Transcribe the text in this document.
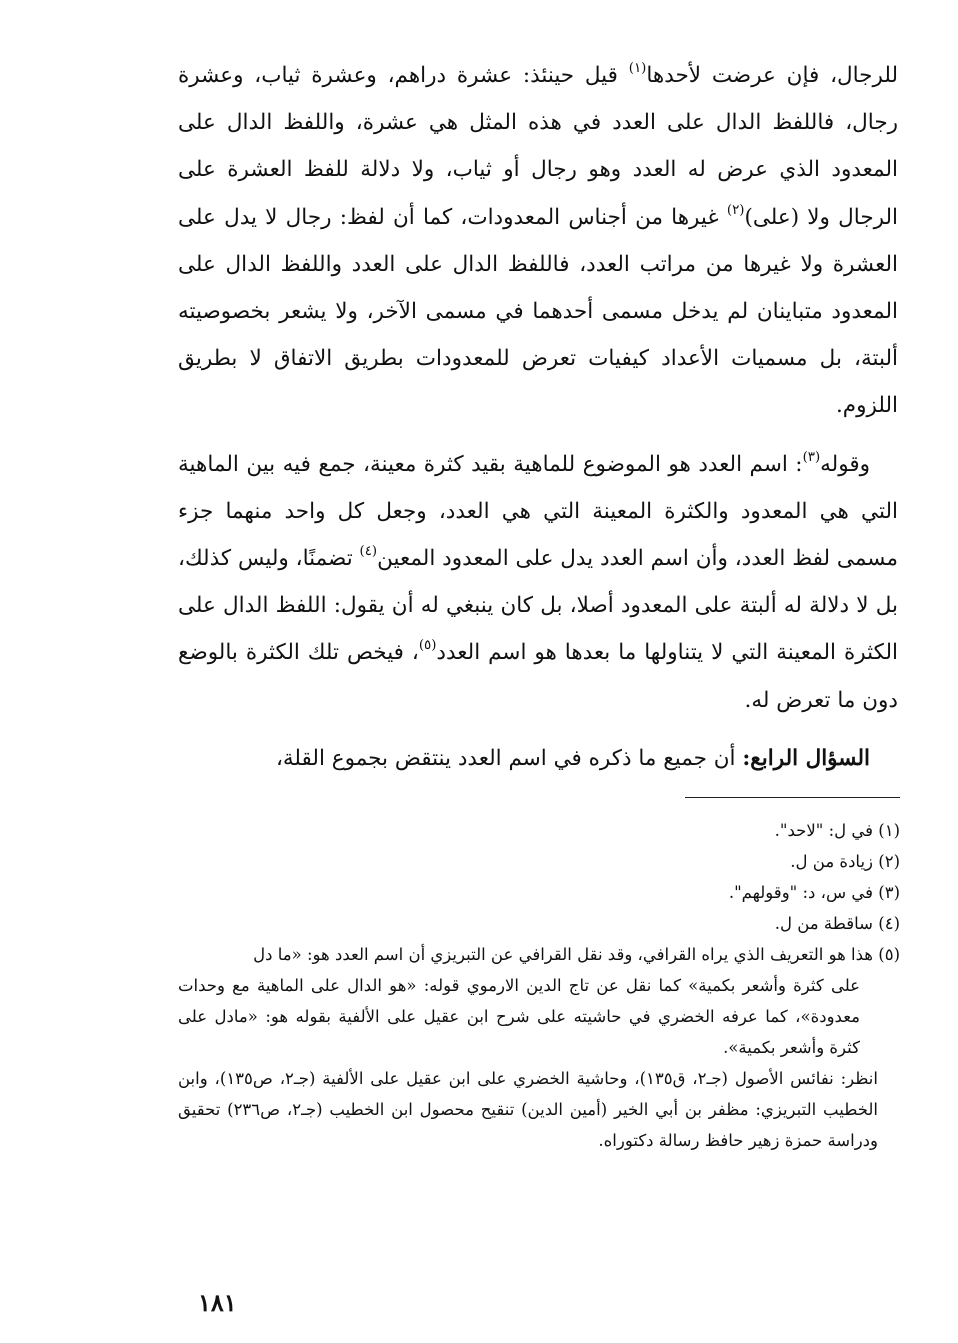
للرجال، فإن عرضت لأحدها$^{(١)}$ قيل حينئذ: عشرة دراهم، وعشرة ثياب، وعشرة رجال، فاللفظ الدال على العدد في هذه المثل هي عشرة، واللفظ الدال على المعدود الذي عرض له العدد وهو رجال أو ثياب، ولا دلالة للفظ العشرة على الرجال ولا (على)$^{(٢)}$ غيرها من أجناس المعدودات، كما أن لفظ: رجال لا يدل على العشرة ولا غيرها من مراتب العدد، فاللفظ الدال على العدد واللفظ الدال على المعدود متباينان لم يدخل مسمى أحدهما في مسمى الآخر، ولا يشعر بخصوصيته ألبتة، بل مسميات الأعداد كيفيات تعرض للمعدودات بطريق الاتفاق لا بطريق اللزوم.

وقوله$^{(٣)}$: اسم العدد هو الموضوع للماهية بقيد كثرة معينة، جمع فيه بين الماهية التي هي المعدود والكثرة المعينة التي هي العدد، وجعل كل واحد منهما جزء مسمى لفظ العدد، وأن اسم العدد يدل على المعدود المعين$^{(٤)}$ تضمنًا، وليس كذلك، بل لا دلالة له ألبتة على المعدود أصلا، بل كان ينبغي له أن يقول: اللفظ الدال على الكثرة المعينة التي لا يتناولها ما بعدها هو اسم العدد$^{(٥)}$، فيخص تلك الكثرة بالوضع دون ما تعرض له.

السؤال الرابع: أن جميع ما ذكره في اسم العدد ينتقض بجموع القلة،

(١) في ل: "لاحد".

(٢) زيادة من ل.

(٣) في س، د: "وقولهم".

(٤) ساقطة من ل.

(٥) هذا هو التعريف الذي يراه القرافي، وقد نقل القرافي عن التبريزي أن اسم العدد هو: «ما دل

على كثرة وأشعر بكمية» كما نقل عن تاج الدين الارموي قوله: «هو الدال على الماهية مع وحدات معدودة»، كما عرفه الخضري في حاشيته على شرح ابن عقيل على الألفية بقوله هو: «مادل على كثرة وأشعر بكمية».

انظر: نفائس الأصول (جـ٢، ق١٣٥)، وحاشية الخضري على ابن عقيل على الألفية (جـ٢، ص١٣٥)، وابن الخطيب التبريزي: مظفر بن أبي الخير (أمين الدين) تنقيح محصول ابن الخطيب (جـ٢، ص٢٣٦) تحقيق ودراسة حمزة زهير حافظ رسالة دكتوراه.

١٨١
